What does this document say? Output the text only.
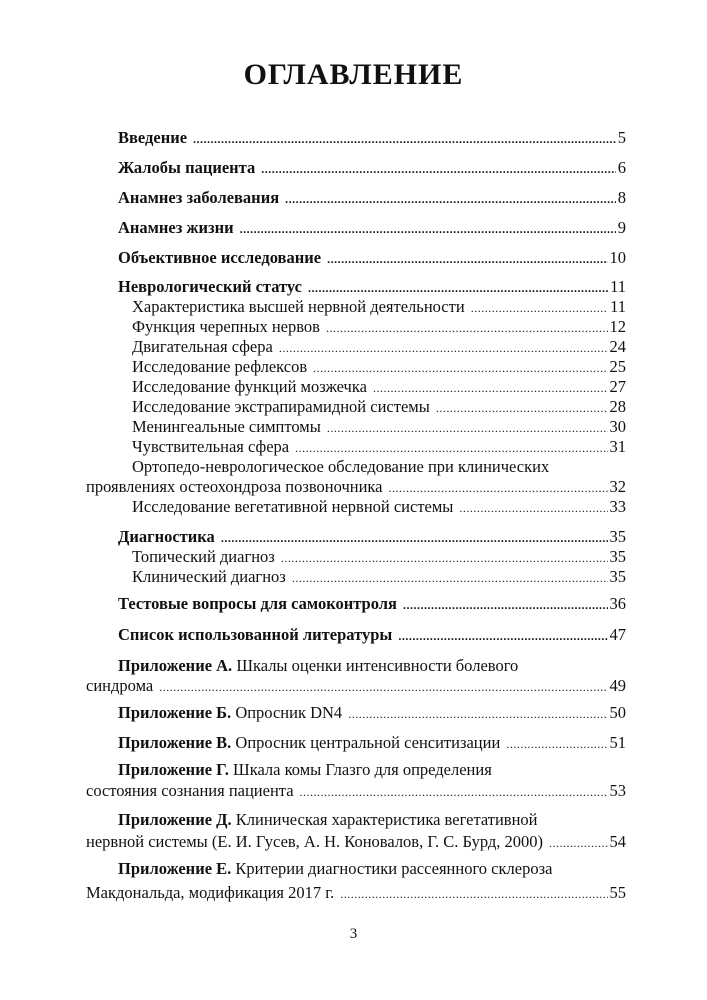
ОГЛАВЛЕНИЕ
Введение .....	5
Жалобы пациента .....	6
Анамнез заболевания .....	8
Анамнез жизни .....	9
Объективное исследование .....	10
Неврологический статус .....	11
Характеристика высшей нервной деятельности .....	11
Функция черепных нервов .....	12
Двигательная сфера .....	24
Исследование рефлексов .....	25
Исследование функций мозжечка .....	27
Исследование экстрапирамидной системы .....	28
Менингеальные симптомы .....	30
Чувствительная сфера .....	31
Ортопедо-неврологическое обследование при клинических
проявлениях остеохондроза позвоночника .....	32
Исследование вегетативной нервной системы .....	33
Диагностика .....	35
Топический диагноз .....	35
Клинический диагноз .....	35
Тестовые вопросы для самоконтроля .....	36
Список использованной литературы .....	47
Приложение А. Шкалы оценки интенсивности болевого
синдрома .....	49
Приложение Б. Опросник DN4 .....	50
Приложение В. Опросник центральной сенситизации .....	51
Приложение Г. Шкала комы Глазго для определения
состояния сознания пациента .....	53
Приложение Д. Клиническая характеристика вегетативной
нервной системы (Е. И. Гусев, А. Н. Коновалов, Г. С. Бурд, 2000) .....	54
Приложение Е. Критерии диагностики рассеянного склероза
Макдональда, модификация 2017 г. .....	55
3
